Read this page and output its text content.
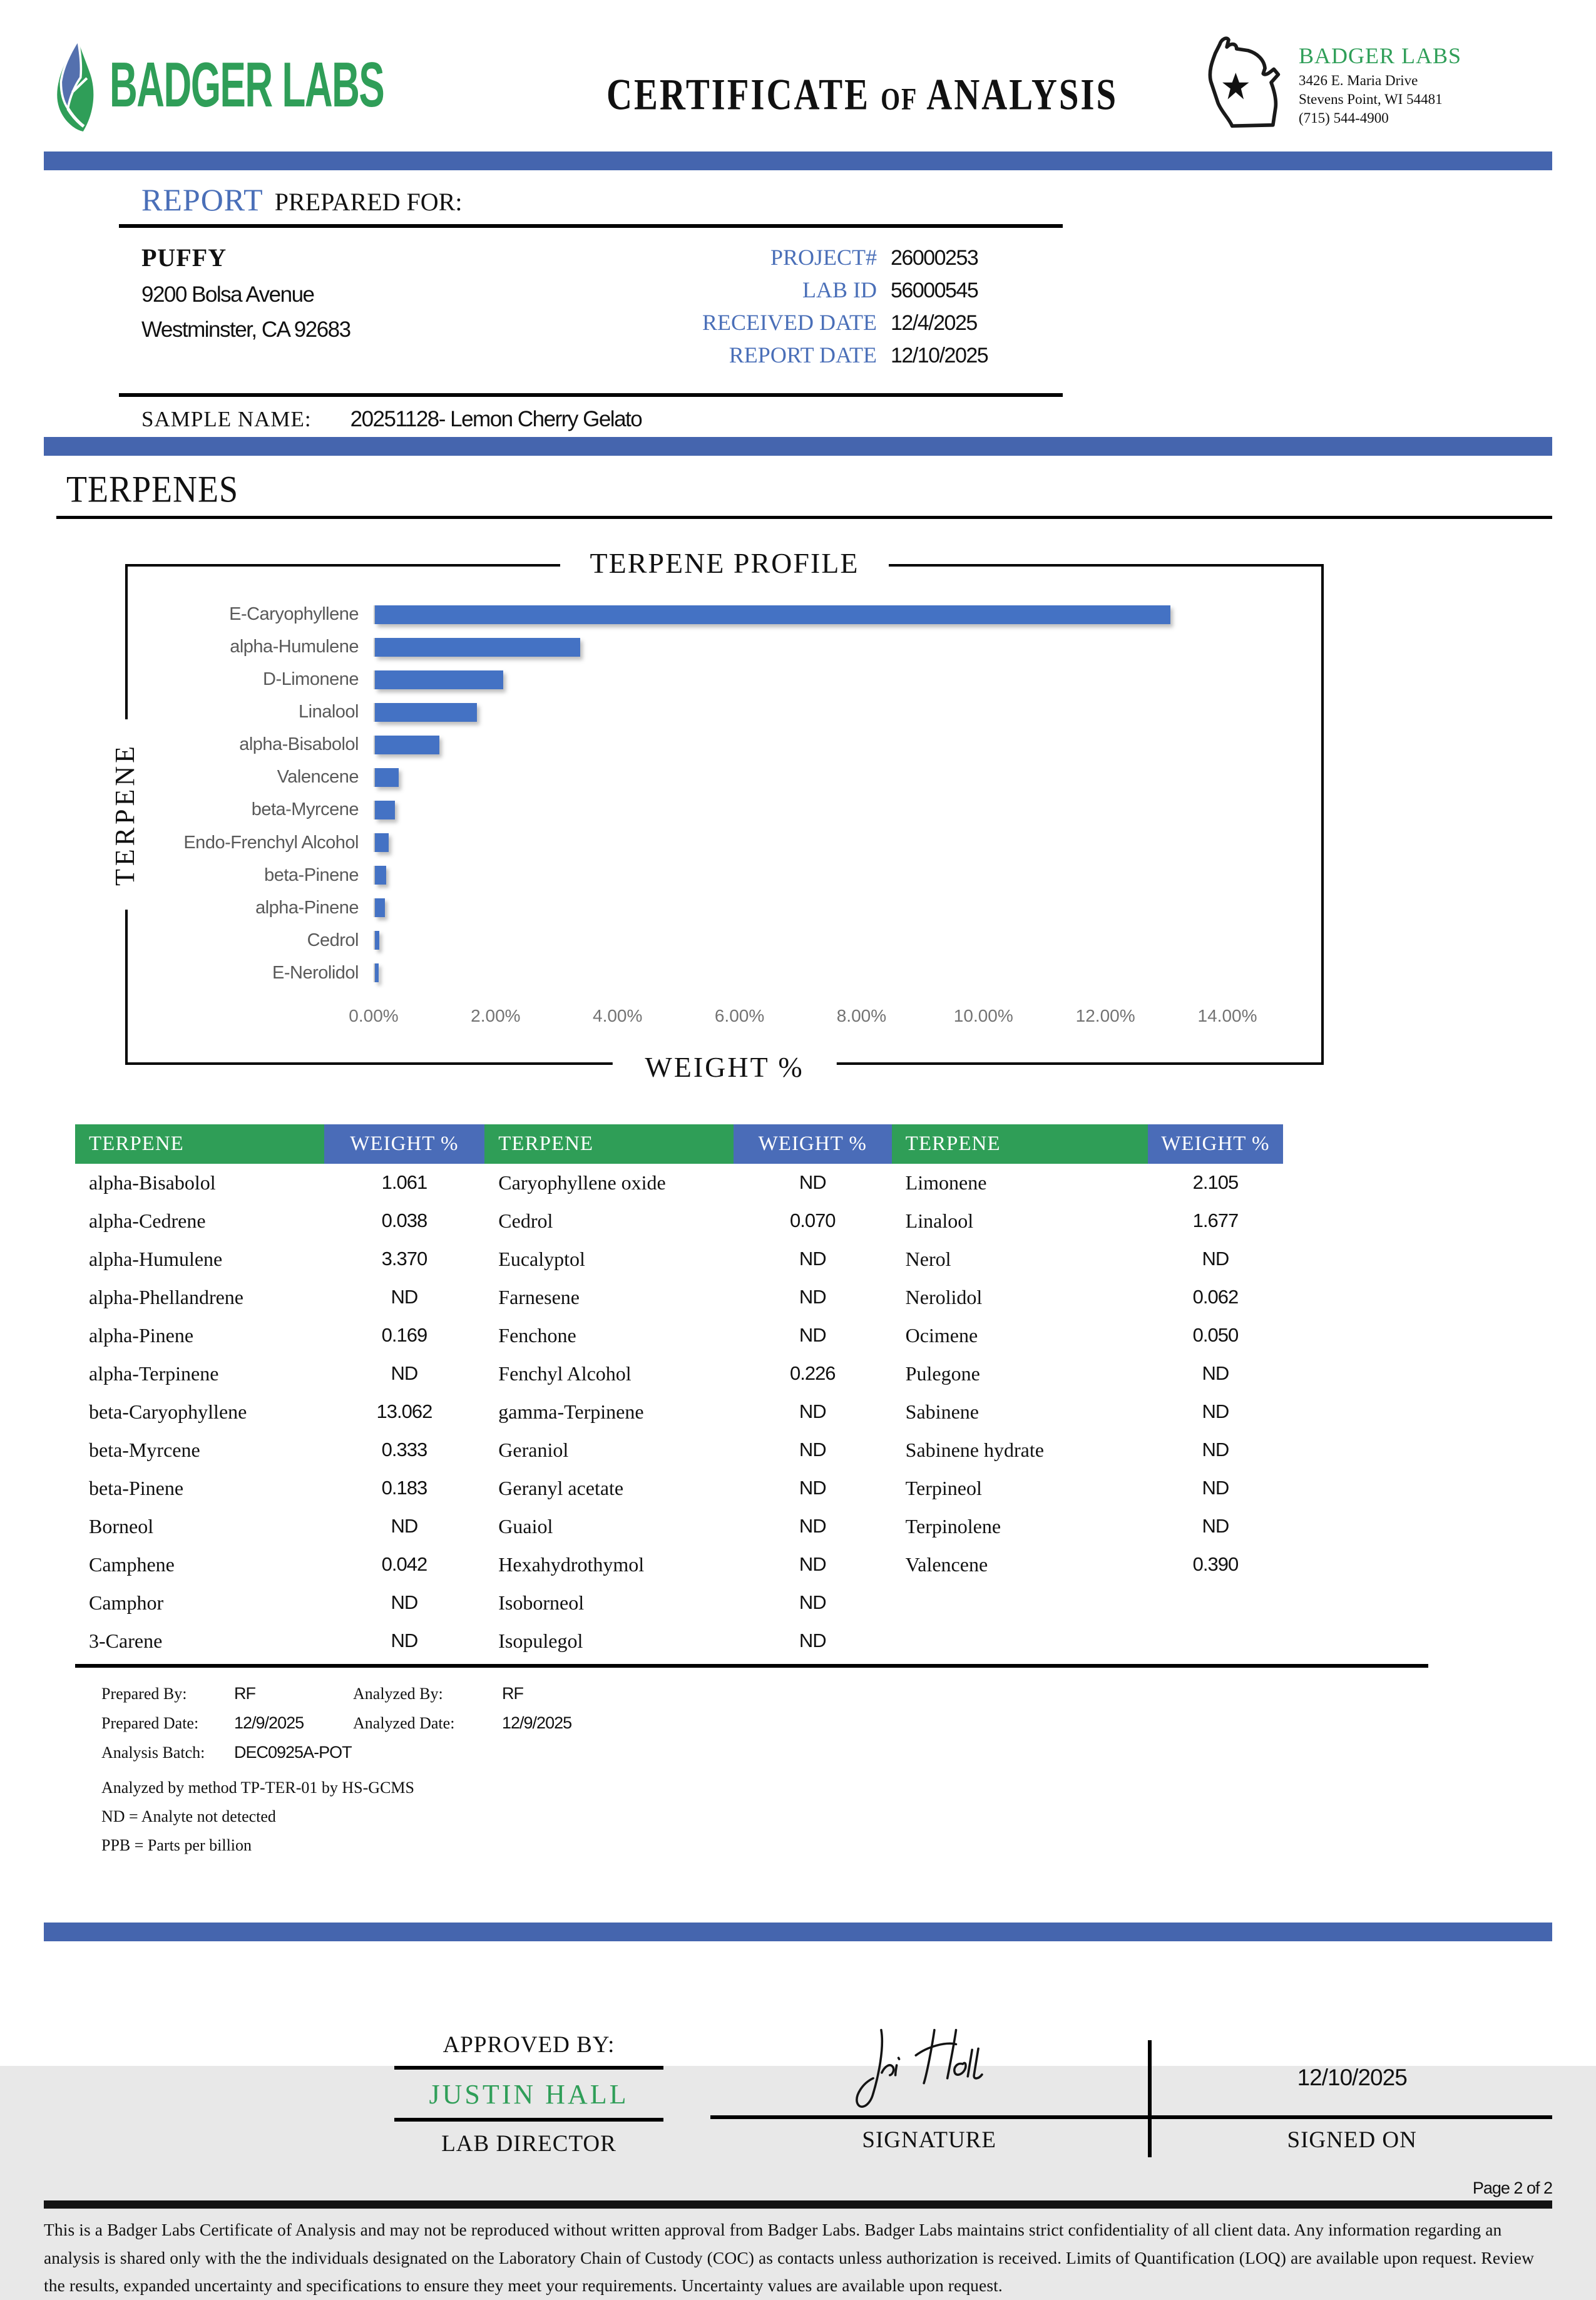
BADGER LABS	CERTIFICATE OF ANALYSIS
BADGER LABS
3426 E. Maria Drive
Stevens Point, WI 54481
(715) 544-4900
REPORT PREPARED FOR:
PUFFY
9200 Bolsa Avenue
Westminster, CA 92683
PROJECT# 26000253
LAB ID 56000545
RECEIVED DATE 12/4/2025
REPORT DATE 12/10/2025
SAMPLE NAME: 20251128- Lemon Cherry Gelato
TERPENES
TERPENE PROFILE
TERPENE
WEIGHT %
E-Caryophyllene
alpha-Humulene
D-Limonene
Linalool
alpha-Bisabolol
Valencene
beta-Myrcene
Endo-Frenchyl Alcohol
beta-Pinene
alpha-Pinene
Cedrol
E-Nerolidol
0.00%	2.00%	4.00%	6.00%	8.00%	10.00%	12.00%	14.00%
TERPENE	WEIGHT %	TERPENE	WEIGHT %	TERPENE	WEIGHT %
alpha-Bisabolol	1.061	Caryophyllene oxide	ND	Limonene	2.105
alpha-Cedrene	0.038	Cedrol	0.070	Linalool	1.677
alpha-Humulene	3.370	Eucalyptol	ND	Nerol	ND
alpha-Phellandrene	ND	Farnesene	ND	Nerolidol	0.062
alpha-Pinene	0.169	Fenchone	ND	Ocimene	0.050
alpha-Terpinene	ND	Fenchyl Alcohol	0.226	Pulegone	ND
beta-Caryophyllene	13.062	gamma-Terpinene	ND	Sabinene	ND
beta-Myrcene	0.333	Geraniol	ND	Sabinene hydrate	ND
beta-Pinene	0.183	Geranyl acetate	ND	Terpineol	ND
Borneol	ND	Guaiol	ND	Terpinolene	ND
Camphene	0.042	Hexahydrothymol	ND	Valencene	0.390
Camphor	ND	Isoborneol	ND
3-Carene	ND	Isopulegol	ND
Prepared By:	RF	Analyzed By:	RF
Prepared Date:	12/9/2025	Analyzed Date:	12/9/2025
Analysis Batch:	DEC0925A-POT
Analyzed by method TP-TER-01 by HS-GCMS
ND = Analyte not detected
PPB = Parts per billion
APPROVED BY:
JUSTIN HALL
LAB DIRECTOR
12/10/2025
SIGNATURE	SIGNED ON
Page 2 of 2
This is a Badger Labs Certificate of Analysis and may not be reproduced without written approval from Badger Labs. Badger Labs maintains strict confidentiality of all client data. Any information regarding an analysis is shared only with the the individuals designated on the Laboratory Chain of Custody (COC) as contacts unless authorization is received. Limits of Quantification (LOQ) are available upon request. Review the results, expanded uncertainty and specifications to ensure they meet your requirements. Uncertainty values are available upon request.
